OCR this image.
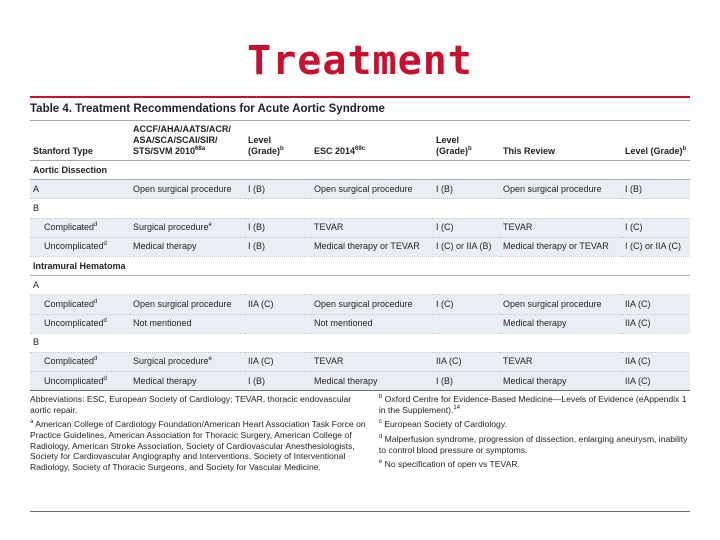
Treatment
Table 4. Treatment Recommendations for Acute Aortic Syndrome
Stanford Type	ACCF/AHA/AATS/ACR/
ASA/SCA/SCAI/SIR/
STS/SVM $2010^{68a}$	Level (Grade)$^b$	ESC $2014^{69c}$	Level (Grade)$^b$	This Review	Level (Grade)$^b$
Aortic Dissection						
A	Open surgical procedure	I (B)	Open surgical procedure	I (B)	Open surgical procedure	I (B)
B						
Complicated$^d$	Surgical procedure$^e$	I (B)	TEVAR	I (C)	TEVAR	I (C)
Uncomplicated$^d$	Medical therapy	I (B)	Medical therapy or TEVAR	I (C) or IIA (B)	Medical therapy or TEVAR	I (C) or IIA (C)
Intramural Hematoma						
A						
Complicated$^d$	Open surgical procedure	IIA (C)	Open surgical procedure	I (C)	Open surgical procedure	IIA (C)
Uncomplicated$^d$	Not mentioned		Not mentioned		Medical therapy	IIA (C)
B						
Complicated$^d$	Surgical procedure$^e$	IIA (C)	TEVAR	IIA (C)	TEVAR	IIA (C)
Uncomplicated$^d$	Medical therapy	I (B)	Medical therapy	I (B)	Medical therapy	IIA (C)

Abbreviations: ESC, European Society of Cardiology; TEVAR, thoracic endovascular aortic repair.

$^a$ American College of Cardiology Foundation/American Heart Association Task Force on Practice Guidelines, American Association for Thoracic Surgery, American College of Radiology, American Stroke Association, Society of Cardiovascular Anesthesiologists, Society for Cardiovascular Angiography and Interventions, Society of Interventional Radiology, Society of Thoracic Surgeons, and Society for Vascular Medicine.

$^b$ Oxford Centre for Evidence-Based Medicine—Levels of Evidence (eAppendix 1 in the Supplement).$^{14}$

$^c$ European Society of Cardiology.

$^d$ Malperfusion syndrome, progression of dissection, enlarging aneurysm, inability to control blood pressure or symptoms.

$^e$ No specification of open vs TEVAR.
